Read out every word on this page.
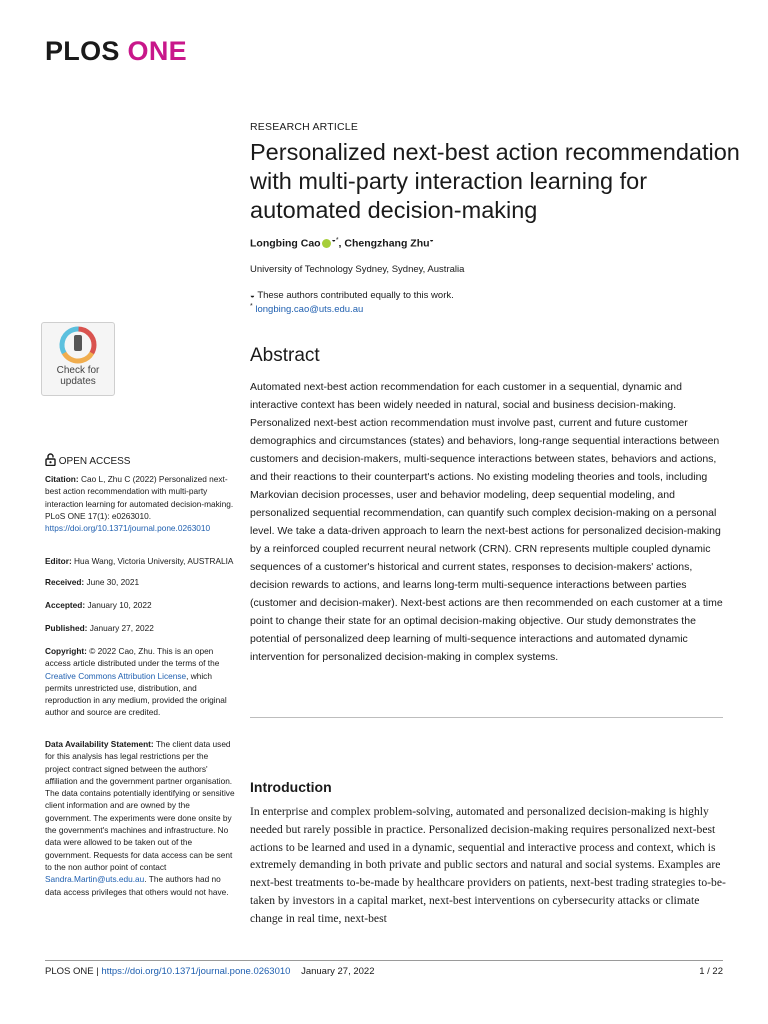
PLOS ONE
RESEARCH ARTICLE
Personalized next-best action recommendation with multi-party interaction learning for automated decision-making
Longbing Cao ◒*, Chengzhang Zhu◒
University of Technology Sydney, Sydney, Australia
◒ These authors contributed equally to this work.
* longbing.cao@uts.edu.au
Check for
updates
OPEN ACCESS
Citation: Cao L, Zhu C (2022) Personalized next-best action recommendation with multi-party interaction learning for automated decision-making. PLoS ONE 17(1): e0263010. https://doi.org/10.1371/journal.pone.0263010
Editor: Hua Wang, Victoria University, AUSTRALIA
Received: June 30, 2021
Accepted: January 10, 2022
Published: January 27, 2022
Copyright: © 2022 Cao, Zhu. This is an open access article distributed under the terms of the Creative Commons Attribution License, which permits unrestricted use, distribution, and reproduction in any medium, provided the original author and source are credited.
Data Availability Statement: The client data used for this analysis has legal restrictions per the project contract signed between the authors' affiliation and the government partner organisation. The data contains potentially identifying or sensitive client information and are owned by the government. The experiments were done onsite by the government's machines and infrastructure. No data were allowed to be taken out of the government. Requests for data access can be sent to the non author point of contact Sandra.Martin@uts.edu.au. The authors had no data access privileges that others would not have.
Abstract
Automated next-best action recommendation for each customer in a sequential, dynamic and interactive context has been widely needed in natural, social and business decision-making. Personalized next-best action recommendation must involve past, current and future customer demographics and circumstances (states) and behaviors, long-range sequential interactions between customers and decision-makers, multi-sequence interactions between states, behaviors and actions, and their reactions to their counterpart's actions. No existing modeling theories and tools, including Markovian decision processes, user and behavior modeling, deep sequential modeling, and personalized sequential recommendation, can quantify such complex decision-making on a personal level. We take a data-driven approach to learn the next-best actions for personalized decision-making by a reinforced coupled recurrent neural network (CRN). CRN represents multiple coupled dynamic sequences of a customer's historical and current states, responses to decision-makers' actions, decision rewards to actions, and learns long-term multi-sequence interactions between parties (customer and decision-maker). Next-best actions are then recommended on each customer at a time point to change their state for an optimal decision-making objective. Our study demonstrates the potential of personalized deep learning of multi-sequence interactions and automated dynamic intervention for personalized decision-making in complex systems.
Introduction
In enterprise and complex problem-solving, automated and personalized decision-making is highly needed but rarely possible in practice. Personalized decision-making requires personalized next-best actions to be learned and used in a dynamic, sequential and interactive process and context, which is extremely demanding in both private and public sectors and natural and social systems. Examples are next-best treatments to-be-made by healthcare providers on patients, next-best trading strategies to-be-taken by investors in a capital market, next-best interventions on cybersecurity attacks or climate change in real time, next-best
PLOS ONE | https://doi.org/10.1371/journal.pone.0263010 January 27, 2022	1 / 22
